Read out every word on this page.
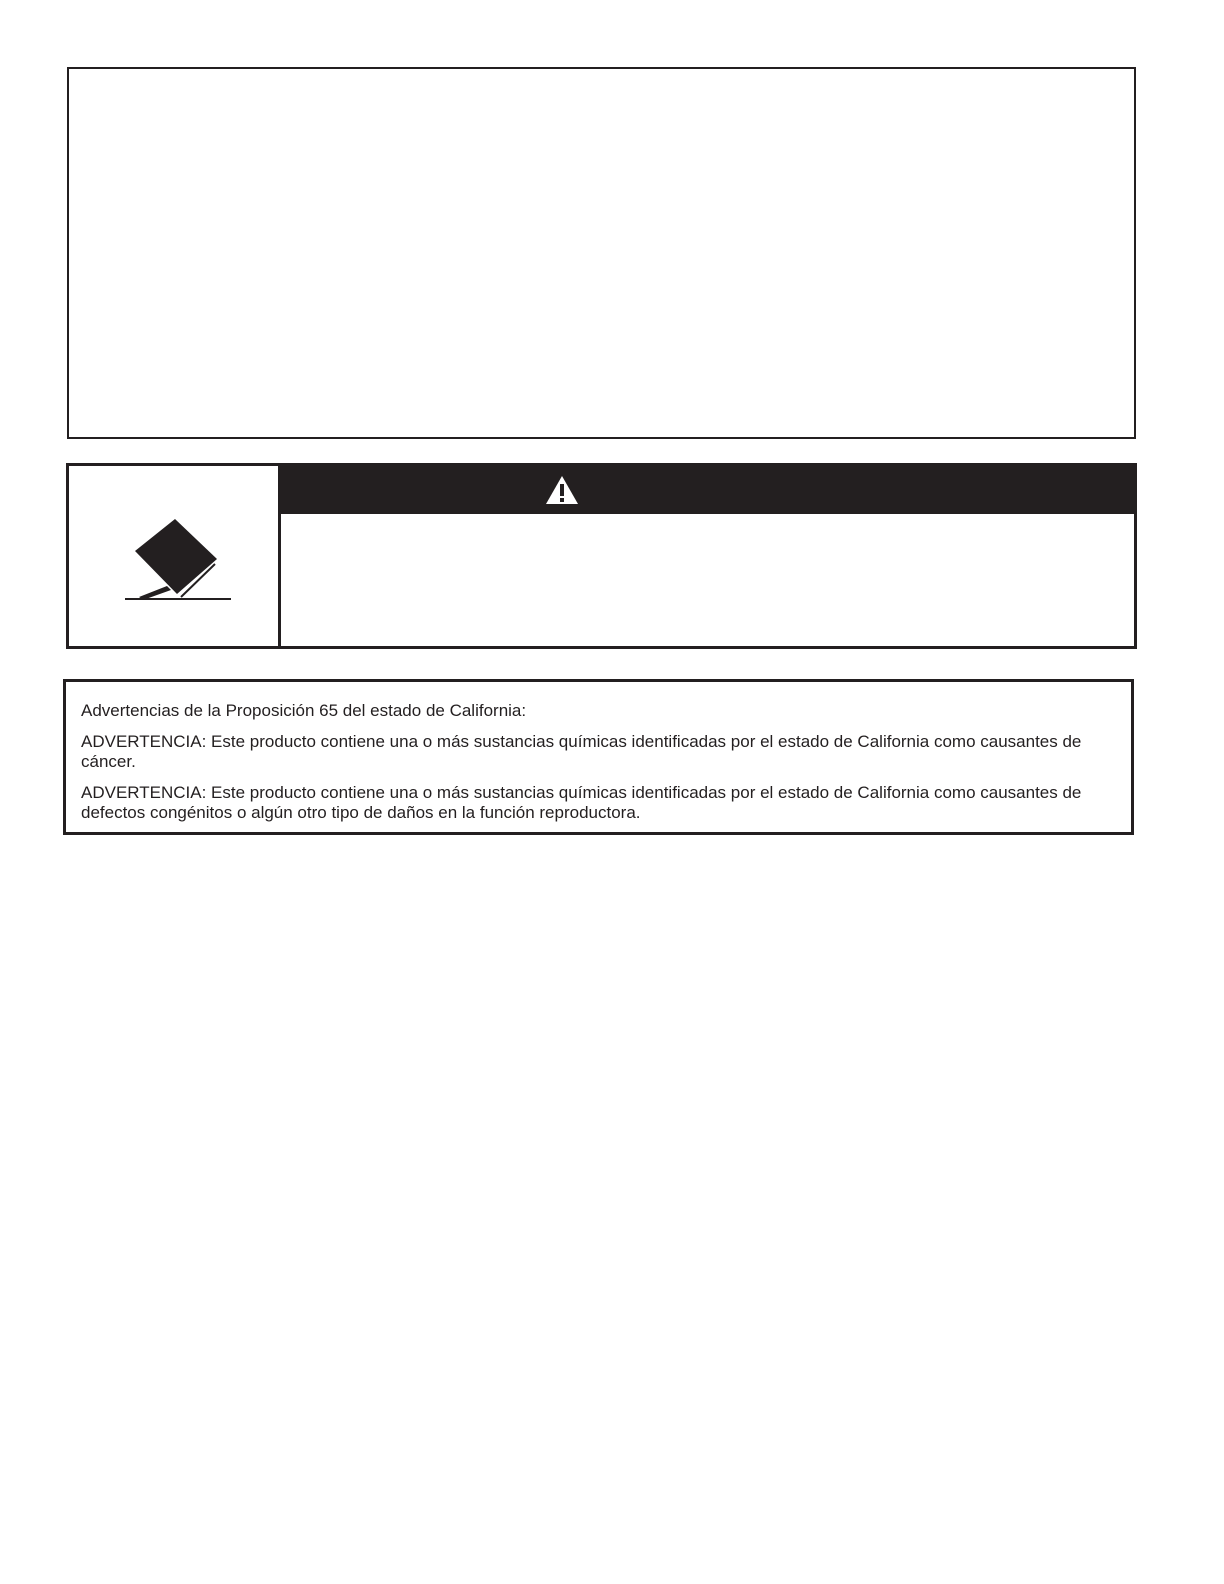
Advertencias de la Proposición 65 del estado de California:

ADVERTENCIA: Este producto contiene una o más sustancias químicas identificadas por el estado de California como causantes de cáncer.

ADVERTENCIA: Este producto contiene una o más sustancias químicas identificadas por el estado de California como causantes de defectos congénitos o algún otro tipo de daños en la función reproductora.
